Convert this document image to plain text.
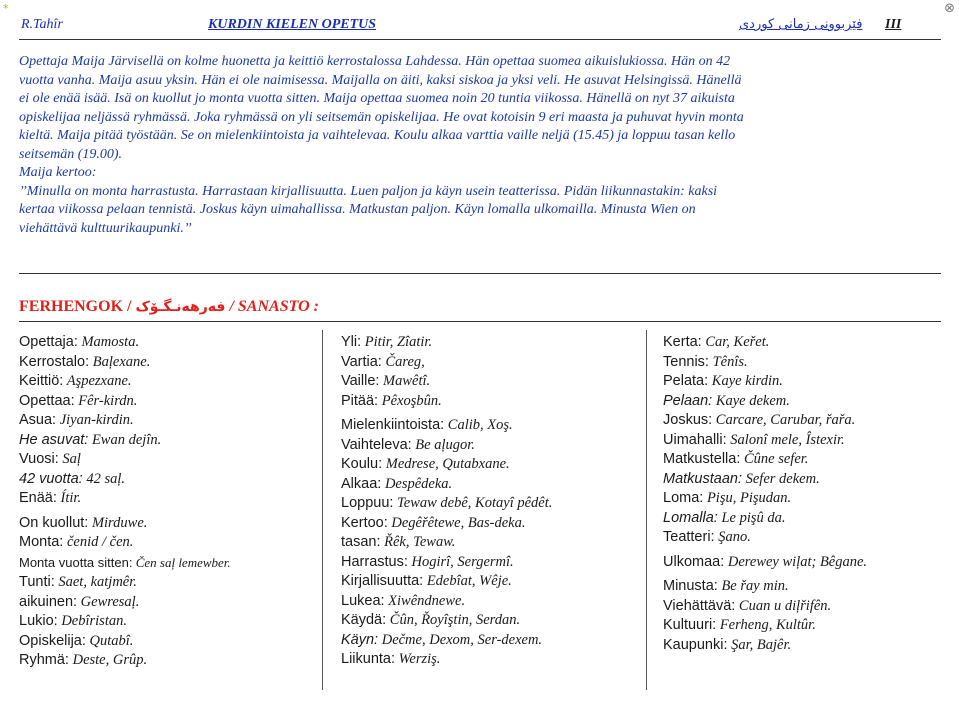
*	⊗
R.Tahîr	KURDIN KIELEN OPETUS	فێربوونی زمانی کوردی III
Opettaja Maija Järvisellä on kolme huonetta ja keittiö kerrostalossa Lahdessa. Hän opettaa suomea aikuislukiossa. Hän on 42
vuotta vanha. Maija asuu yksin. Hän ei ole naimisessa. Maijalla on äiti, kaksi siskoa ja yksi veli. He asuvat Helsingissä. Hänellä
ei ole enää isää. Isä on kuollut jo monta vuotta sitten. Maija opettaa suomea noin 20 tuntia viikossa. Hänellä on nyt 37 aikuista
opiskelijaa neljässä ryhmässä. Joka ryhmässä on yli seitsemän opiskelijaa. He ovat kotoisin 9 eri maasta ja puhuvat hyvin monta
kieltä. Maija pitää työstään. Se on mielenkiintoista ja vaihtelevaa. Koulu alkaa varttia vaille neljä (15.45) ja loppuu tasan kello
seitsemän (19.00).
Maija kertoo:
’’Minulla on monta harrastusta. Harrastaan kirjallisuutta. Luen paljon ja käyn usein teatterissa. Pidän liikunnastakin: kaksi
kertaa viikossa pelaan tennistä. Joskus käyn uimahallissa. Matkustan paljon. Käyn lomalla ulkomailla. Minusta Wien on
viehättävä kulttuurikaupunki.’’
FERHENGOK / فەرھەنـگـۆک / SANASTO :
Opettaja: Mamosta.
Kerrostalo: Baļexane.
Keittiö: Aşpezxane.
Opettaa: Fêr-kirdn.
Asua: Jiyan-kirdin.
He asuvat: Ewan dejîn.
Vuosi: Saļ
42 vuotta: 42 saļ.
Enää: Ítir.
On kuollut: Mirduwe.
Monta: čenid / čen.
Monta vuotta sitten: Čen saļ lemewber.
Tunti: Saet, katjmêr.
aikuinen: Gewresaļ.
Lukio: Debîristan.
Opiskelija: Qutabî.
Ryhmä: Deste, Grûp.
Yli: Pitir, Zîatir.
Vartia: Čareg,
Vaille: Mawêtî.
Pitää: Pêxoşbûn.
Mielenkiintoista: Calib, Xoş.
Vaihteleva: Be aļugor.
Koulu: Medrese, Qutabxane.
Alkaa: Despêdeka.
Loppuu: Tewaw debê, Kotayî pêdêt.
Kertoo: Degêřêtewe, Bas-deka.
tasan: Řêk, Tewaw.
Harrastus: Hogirî, Sergermî.
Kirjallisuutta: Edebîat, Wêje.
Lukea: Xiwêndnewe.
Käydä: Čûn, Řoyîştin, Serdan.
Käyn: Dečme, Dexom, Ser-dexem.
Liikunta: Werziş.
Kerta: Car, Keřet.
Tennis: Tênîs.
Pelata: Kaye kirdin.
Pelaan: Kaye dekem.
Joskus: Carcare, Carubar, řařa.
Uimahalli: Salonî mele, Îstexir.
Matkustella: Čûne sefer.
Matkustaan: Sefer dekem.
Loma: Pişu, Pişudan.
Lomalla: Le pişû da.
Teatteri: Şano.
Ulkomaa: Derewey wiļat; Bêgane.
Minusta: Be řay min.
Viehättävä: Cuan u diļřifên.
Kultuuri: Ferheng, Kultûr.
Kaupunki: Şar, Bajêr.
